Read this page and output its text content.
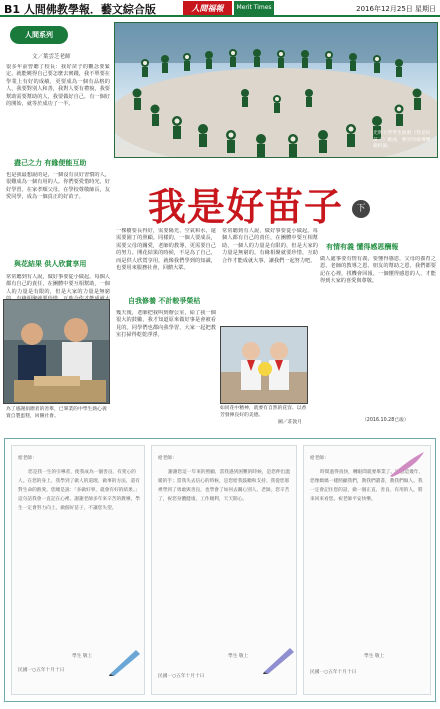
B1 人間佛教學報．藝文綜合版	人間福報	Merit Times	2016年12月25日 星期日
人間系列
文／葉雲芝老師
很多年前曾聽了校長：我好苗子的觀念要緊定，就能曉得自己要怎麼去實踐，我不單要在學業上有好的成績，更要成為一個有品格的人，我要對別人和善，我對人要有禮貌，我要幫助需要幫助的人，我要做好自己，有一個好的開始，就等於成功了一半。
盡己之力 有緣便能互助
也是我最想說的是，一個沒有良好習慣的人，很難成為一個有用的人。你們要愛惜時光，好好學習，在家孝順父母，在學校尊敬師長，友愛同學，成為一個真正的好苗子。
與花結果 供人欣賞享用
常常聽到有人說，做好事要從小做起。每個人都有自己的責任，在團體中要互相幫助，一個人的力量是有限的，但是大家的力量是無窮
為了感謝捐贈者的善舉，已畢業的中學生熱心義賣自製蛋糕，回饋社會。
光明大學學生演唱《我是好苗子》歌曲，嘹亮的歌聲響徹校園。
我是好苗子	下
一棵樹要長得好，需要陽光、空氣和水，還需要園丁的照顧。同樣的，一個人要成長，需要父母的關愛，老師的教導，更需要自己的努力。開花結果的時候，不是為了自己，而是供人欣賞享用，就像我們學到的知識，也要用來服務社會，回饋大眾。
自我修養 不計較爭榮枯
幾天後，老師把我叫到辦公室，給了我一個很大的鼓勵，我才知道原來做好事是會被看見的。同學們也都向我學習，大家一起把教室打掃得乾乾淨淨。
如同花中精神，就要有自然的花容、以香芳發揮良好的美德。
圖／莊敦月
有情有義 懂得感恩酬報
做人處事要有情有義，要懂得感恩，父母的養育之恩、老師的教導之恩、朋友的幫助之恩，我們都要記在心裡，找機會回報。一個懂得感恩的人，才能得到大家的喜愛與尊敬。
（2016.10.28已竣）
常常聽到有人說，做好事要從小做起。每個人都有自己的責任，在團體中要互相幫助，一個人的力量是有限的，但是大家的力量是無窮的。有緣相聚就要珍惜，互助合作才能成就大事，讓我們一起努力吧。
給老師：
您是我一生的引導者，使我成為一個善良、有愛心的人。在您的身上，我學到了做人的道理、做事的方法，還有對生命的熱愛。您總是說：「多做好事，就會有好的結果。」這句話我會一直記在心裡。謝謝老師多年來辛苦的教導，學生一定會努力向上，做個好苗子，不讓您失望。
學生 敬上
民國一○五年十月十日
給老師：
謝謝您這一年來的照顧，當我遇到困難的時候，是您伸出溫暖的手；當我失去信心的時候，是您給我鼓勵和支持。我從您那裡學到了勇敢與善良，也學會了如何去關心別人。老師，您辛苦了，祝您身體健康，工作順利，天天開心。
學生 敬上
民國一○五年十月十日
給老師：
時間過得真快，轉眼間就要畢業了。回想這幾年，您像媽媽一樣照顧我們，教我們讀書，教我們做人。我一定會記住您的話，做一個正直、善良、有用的人，將來回來看您。祝老師平安快樂。
學生 敬上
民國一○五年十月十日
